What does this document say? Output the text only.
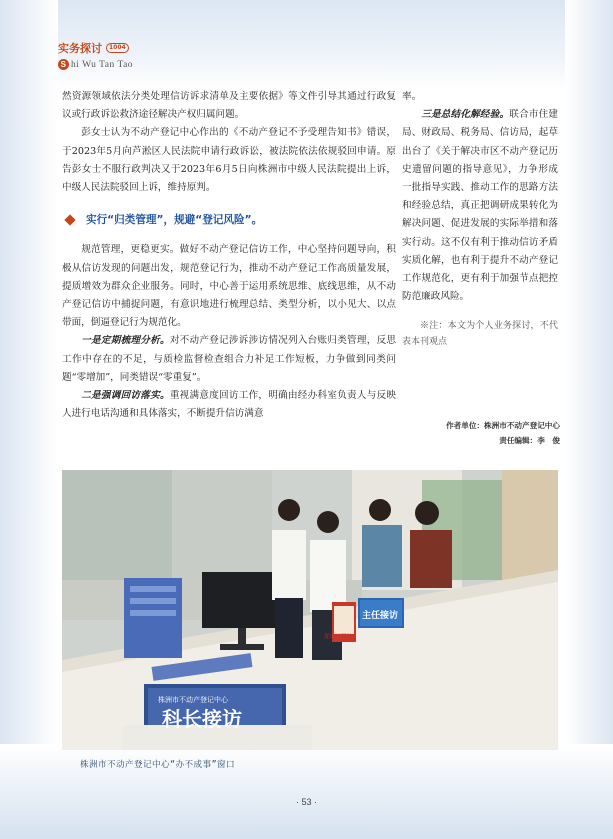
实务探讨	1004
S hi Wu Tan Tao

然资源领域依法分类处理信访诉求清单及主要依据》等文件引导其通过行政复议或行政诉讼救济途径解决产权归属问题。

彭女士认为不动产登记中心作出的《不动产登记不予受理告知书》错误，于2023年5月向芦淞区人民法院申请行政诉讼，被法院依法依规驳回申请。原告彭女士不服行政判决又于2023年6月5日向株洲市中级人民法院提出上诉，中级人民法院驳回上诉，维持原判。

实行“归类管理”，规避“登记风险”。

规范管理，更稳更实。做好不动产登记信访工作，中心坚持问题导向，积极从信访发现的问题出发，规范登记行为，推动不动产登记工作高质量发展，提质增效为群众企业服务。同时，中心善于运用系统思维、底线思维，从不动产登记信访中捕捉问题，有意识地进行梳理总结、类型分析，以小见大、以点带面，倒逼登记行为规范化。

一是定期梳理分析。对不动产登记涉诉涉访情况列入台账归类管理，反思工作中存在的不足，与质检监督检查组合力补足工作短板，力争做到同类问题“零增加”，同类错误“零重复”。

二是强调回访落实。重视满意度回访工作，明确由经办科室负责人与反映人进行电话沟通和具体落实，不断提升信访满意

率。

三是总结化解经验。联合市住建局、财政局、税务局、信访局，起草出台了《关于解决市区不动产登记历史遗留问题的指导意见》，力争形成一批指导实践、推动工作的思路方法和经验总结，真正把调研成果转化为解决问题、促进发展的实际举措和落实行动。这不仅有利于推动信访矛盾实质化解，也有利于提升不动产登记工作规范化，更有利于加强节点把控防范廉政风险。

※注：本文为个人业务探讨，不代表本刊观点

作者单位：株洲市不动产登记中心
责任编辑：李　俊
株洲市不动产登记中心
科长接访
主任接访
党员示范岗
株洲市不动产登记中心“办不成事”窗口
· 53 ·
